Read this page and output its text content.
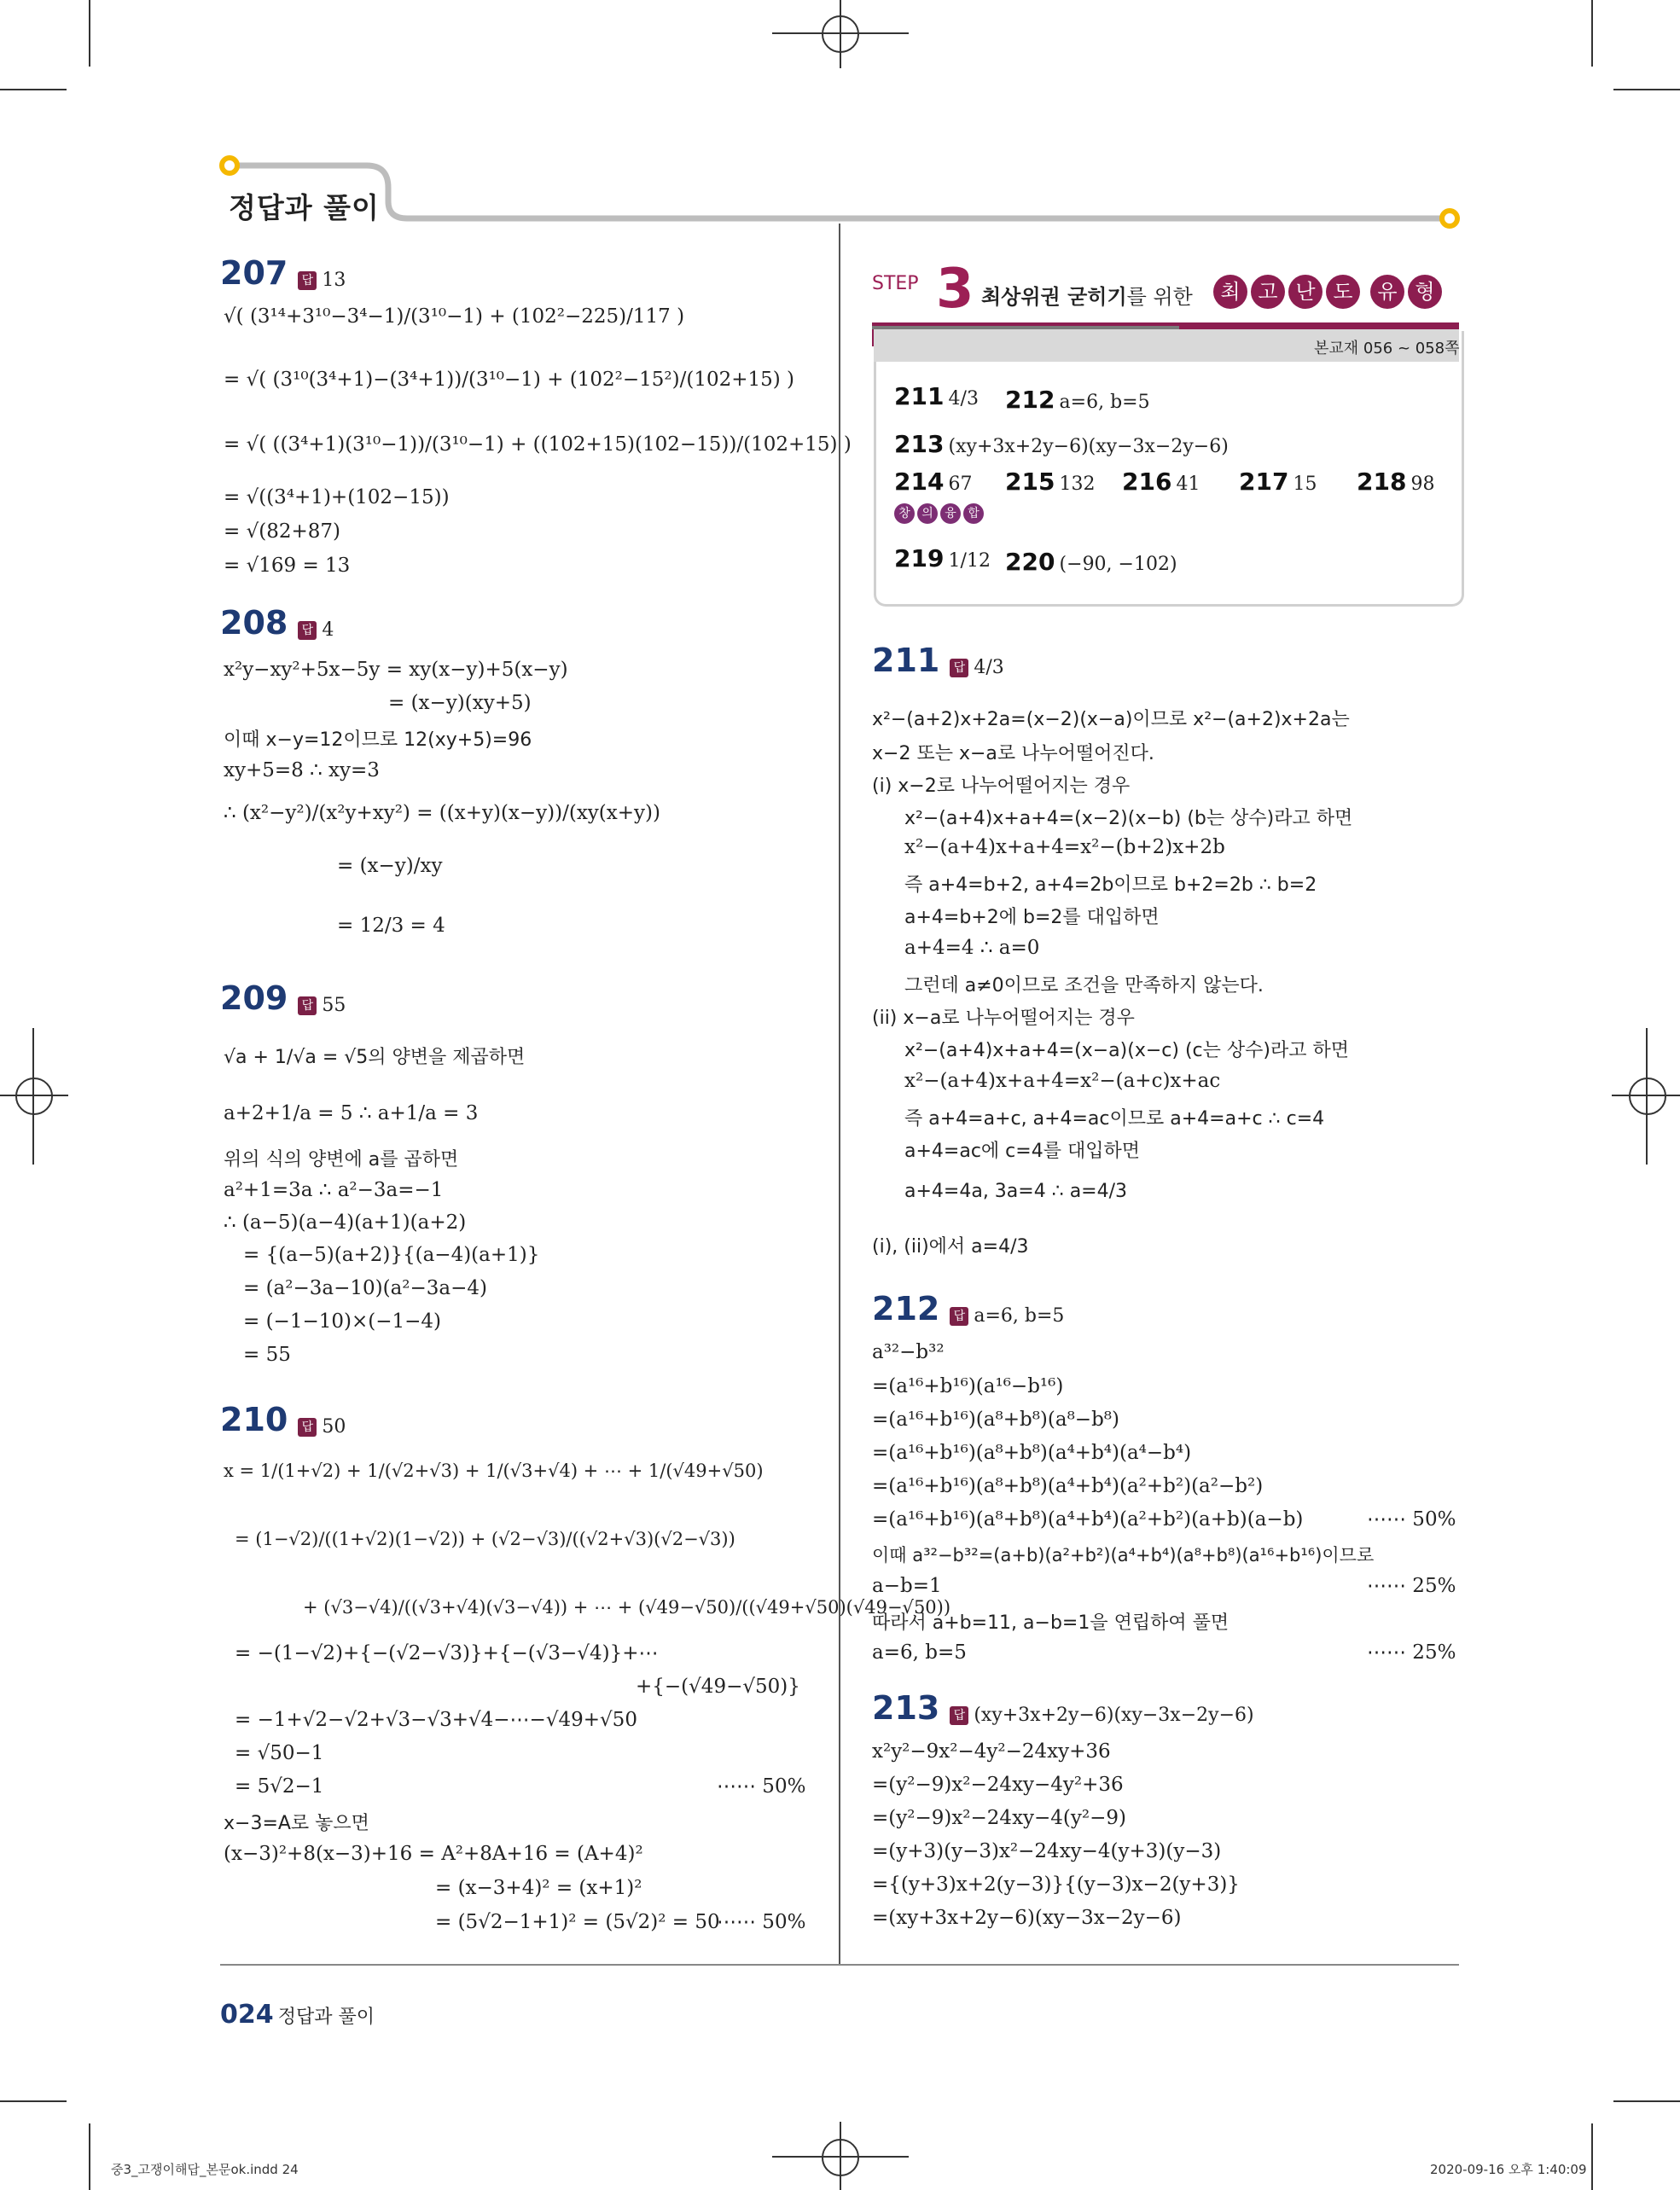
정답과 풀이
207 답 13
√( (3¹⁴+3¹⁰−3⁴−1)/(3¹⁰−1) + (102²−225)/117 )
= √( (3¹⁰(3⁴+1)−(3⁴+1))/(3¹⁰−1) + (102²−15²)/(102+15) )
= √( ((3⁴+1)(3¹⁰−1))/(3¹⁰−1) + ((102+15)(102−15))/(102+15) )
= √((3⁴+1)+(102−15))
= √(82+87)
= √169 = 13
208 답 4
x²y−xy²+5x−5y = xy(x−y)+5(x−y)
= (x−y)(xy+5)
이때 x−y=12이므로 12(xy+5)=96
xy+5=8 ∴ xy=3
∴ (x²−y²)/(x²y+xy²) = ((x+y)(x−y))/(xy(x+y))
= (x−y)/xy
= 12/3 = 4
209 답 55
√a + 1/√a = √5의 양변을 제곱하면
a+2+1/a = 5 ∴ a+1/a = 3
위의 식의 양변에 a를 곱하면
a²+1=3a ∴ a²−3a=−1
∴ (a−5)(a−4)(a+1)(a+2)
= {(a−5)(a+2)}{(a−4)(a+1)}
= (a²−3a−10)(a²−3a−4)
= (−1−10)×(−1−4)
= 55
210 답 50
x = 1/(1+√2) + 1/(√2+√3) + 1/(√3+√4) + ⋯ + 1/(√49+√50)
= (1−√2)/((1+√2)(1−√2)) + (√2−√3)/((√2+√3)(√2−√3))
+ (√3−√4)/((√3+√4)(√3−√4)) + ⋯ + (√49−√50)/((√49+√50)(√49−√50))
= −(1−√2)+{−(√2−√3)}+{−(√3−√4)}+⋯
+{−(√49−√50)}
= −1+√2−√2+√3−√3+√4−⋯−√49+√50
= √50−1
= 5√2−1	⋯⋯ 50%
x−3=A로 놓으면
(x−3)²+8(x−3)+16 = A²+8A+16 = (A+4)²
= (x−3+4)² = (x+1)²
= (5√2−1+1)² = (5√2)² = 50
⋯⋯ 50%
STEP 3 최상위권 굳히기를 위한	최 고 난 도 유 형
본교재 056 ~ 058쪽
211 4/3 212 a=6, b=5
213 (xy+3x+2y−6)(xy−3x−2y−6)
214 67 215 132 216 41 217 15 218 98
창 의 융 합
219 1/12 220 (−90, −102)
211 답 4/3
x²−(a+2)x+2a=(x−2)(x−a)이므로 x²−(a+2)x+2a는
x−2 또는 x−a로 나누어떨어진다.
(i) x−2로 나누어떨어지는 경우
x²−(a+4)x+a+4=(x−2)(x−b) (b는 상수)라고 하면
x²−(a+4)x+a+4=x²−(b+2)x+2b
즉 a+4=b+2, a+4=2b이므로 b+2=2b ∴ b=2
a+4=b+2에 b=2를 대입하면
a+4=4 ∴ a=0
그런데 a≠0이므로 조건을 만족하지 않는다.
(ii) x−a로 나누어떨어지는 경우
x²−(a+4)x+a+4=(x−a)(x−c) (c는 상수)라고 하면
x²−(a+4)x+a+4=x²−(a+c)x+ac
즉 a+4=a+c, a+4=ac이므로 a+4=a+c ∴ c=4
a+4=ac에 c=4를 대입하면
a+4=4a, 3a=4 ∴ a=4/3
(i), (ii)에서 a=4/3
212 답 a=6, b=5
a³²−b³²
=(a¹⁶+b¹⁶)(a¹⁶−b¹⁶)
=(a¹⁶+b¹⁶)(a⁸+b⁸)(a⁸−b⁸)
=(a¹⁶+b¹⁶)(a⁸+b⁸)(a⁴+b⁴)(a⁴−b⁴)
=(a¹⁶+b¹⁶)(a⁸+b⁸)(a⁴+b⁴)(a²+b²)(a²−b²)
=(a¹⁶+b¹⁶)(a⁸+b⁸)(a⁴+b⁴)(a²+b²)(a+b)(a−b)	⋯⋯ 50%
이때 a³²−b³²=(a+b)(a²+b²)(a⁴+b⁴)(a⁸+b⁸)(a¹⁶+b¹⁶)이므로
a−b=1	⋯⋯ 25%
따라서 a+b=11, a−b=1을 연립하여 풀면
a=6, b=5	⋯⋯ 25%
213 답 (xy+3x+2y−6)(xy−3x−2y−6)
x²y²−9x²−4y²−24xy+36
=(y²−9)x²−24xy−4y²+36
=(y²−9)x²−24xy−4(y²−9)
=(y+3)(y−3)x²−24xy−4(y+3)(y−3)
={(y+3)x+2(y−3)}{(y−3)x−2(y+3)}
=(xy+3x+2y−6)(xy−3x−2y−6)
024 정답과 풀이
중3_고쟁이해답_본문ok.indd 24	2020-09-16 오후 1:40:09
